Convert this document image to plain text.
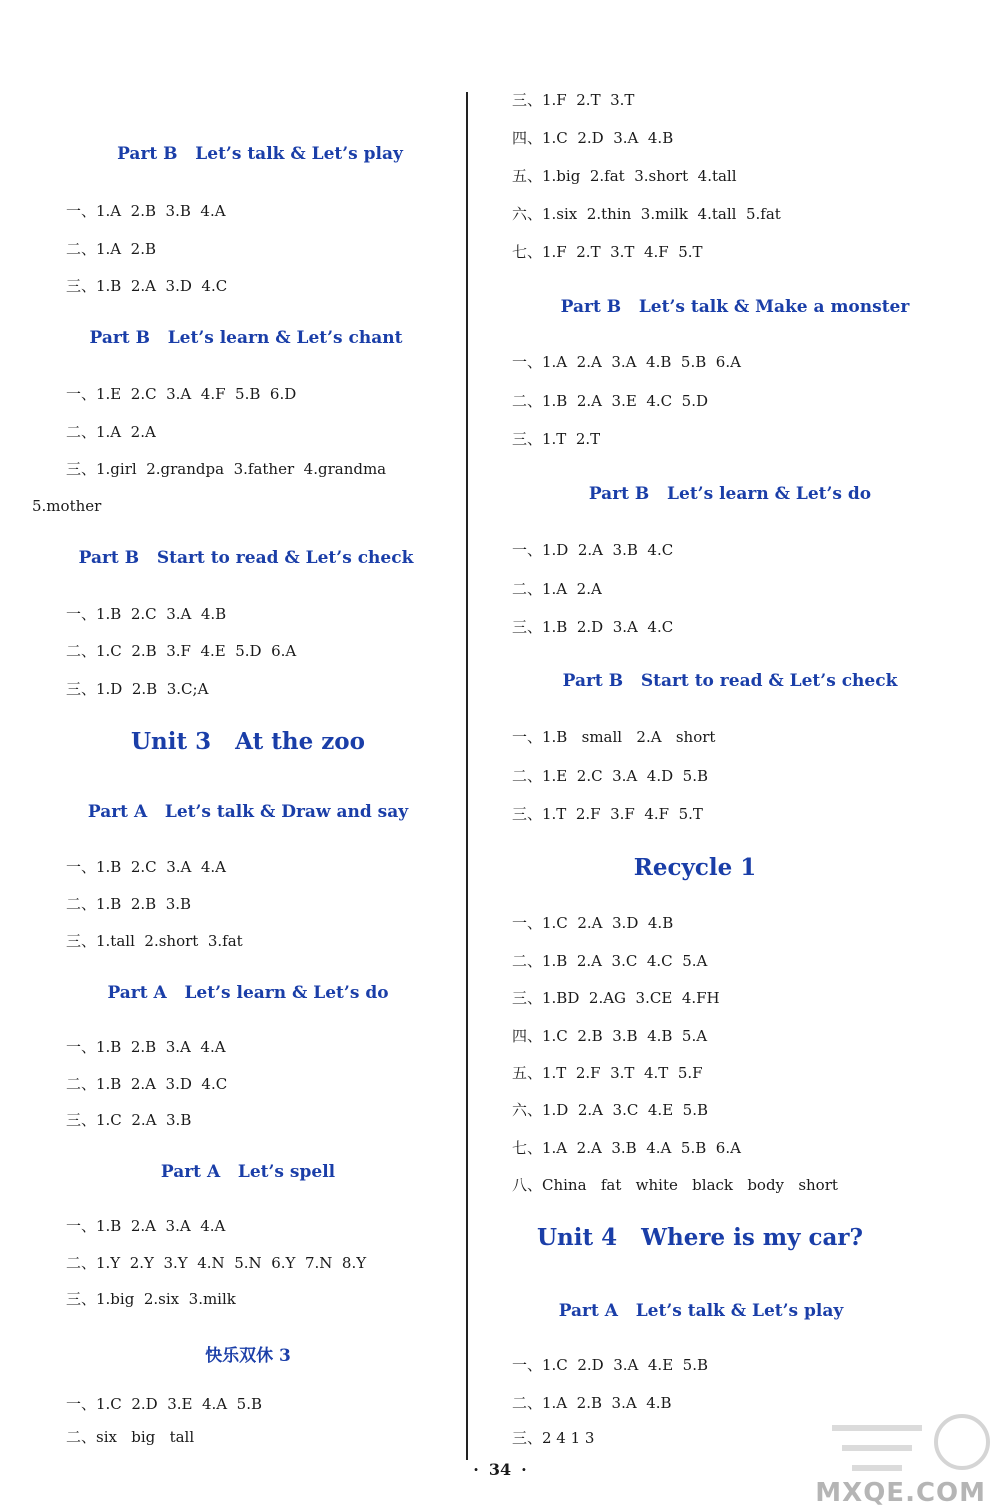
Part B   Let’s talk & Let’s play
一、1.A  2.B  3.B  4.A
二、1.A  2.B
三、1.B  2.A  3.D  4.C
Part B   Let’s learn & Let’s chant
一、1.E  2.C  3.A  4.F  5.B  6.D
二、1.A  2.A
三、1.girl  2.grandpa  3.father  4.grandma
5.mother
Part B   Start to read & Let’s check
一、1.B  2.C  3.A  4.B
二、1.C  2.B  3.F  4.E  5.D  6.A
三、1.D  2.B  3.C;A
Unit 3   At the zoo
Part A   Let’s talk & Draw and say
一、1.B  2.C  3.A  4.A
二、1.B  2.B  3.B
三、1.tall  2.short  3.fat
Part A   Let’s learn & Let’s do
一、1.B  2.B  3.A  4.A
二、1.B  2.A  3.D  4.C
三、1.C  2.A  3.B
Part A   Let’s spell
一、1.B  2.A  3.A  4.A
二、1.Y  2.Y  3.Y  4.N  5.N  6.Y  7.N  8.Y
三、1.big  2.six  3.milk
快乐双休 3
一、1.C  2.D  3.E  4.A  5.B
二、six   big   tall
三、1.F  2.T  3.T
四、1.C  2.D  3.A  4.B
五、1.big  2.fat  3.short  4.tall
六、1.six  2.thin  3.milk  4.tall  5.fat
七、1.F  2.T  3.T  4.F  5.T
Part B   Let’s talk & Make a monster
一、1.A  2.A  3.A  4.B  5.B  6.A
二、1.B  2.A  3.E  4.C  5.D
三、1.T  2.T
Part B   Let’s learn & Let’s do
一、1.D  2.A  3.B  4.C
二、1.A  2.A
三、1.B  2.D  3.A  4.C
Part B   Start to read & Let’s check
一、1.B   small   2.A   short
二、1.E  2.C  3.A  4.D  5.B
三、1.T  2.F  3.F  4.F  5.T
Recycle 1
一、1.C  2.A  3.D  4.B
二、1.B  2.A  3.C  4.C  5.A
三、1.BD  2.AG  3.CE  4.FH
四、1.C  2.B  3.B  4.B  5.A
五、1.T  2.F  3.T  4.T  5.F
六、1.D  2.A  3.C  4.E  5.B
七、1.A  2.A  3.B  4.A  5.B  6.A
八、China   fat   white   black   body   short
Unit 4   Where is my car?
Part A   Let’s talk & Let’s play
一、1.C  2.D  3.A  4.E  5.B
二、1.A  2.B  3.A  4.B
三、2 4 1 3
· 34 ·
MXQE.COM
